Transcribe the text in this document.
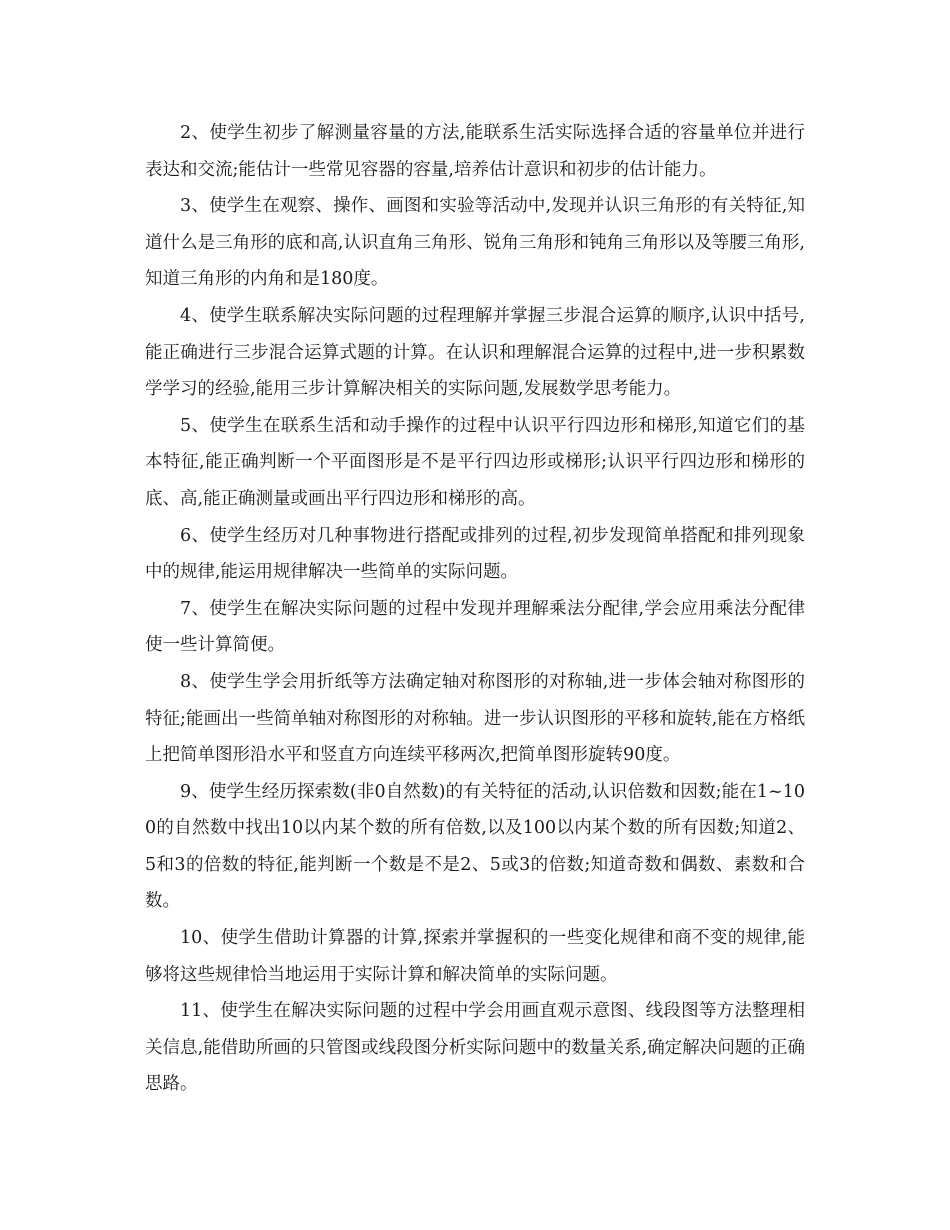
2、使学生初步了解测量容量的方法,能联系生活实际选择合适的容量单位并进行表达和交流;能估计一些常见容器的容量,培养估计意识和初步的估计能力。

3、使学生在观察、操作、画图和实验等活动中,发现并认识三角形的有关特征,知道什么是三角形的底和高,认识直角三角形、锐角三角形和钝角三角形以及等腰三角形,知道三角形的内角和是180度。

4、使学生联系解决实际问题的过程理解并掌握三步混合运算的顺序,认识中括号,能正确进行三步混合运算式题的计算。在认识和理解混合运算的过程中,进一步积累数学学习的经验,能用三步计算解决相关的实际问题,发展数学思考能力。

5、使学生在联系生活和动手操作的过程中认识平行四边形和梯形,知道它们的基本特征,能正确判断一个平面图形是不是平行四边形或梯形;认识平行四边形和梯形的底、高,能正确测量或画出平行四边形和梯形的高。

6、使学生经历对几种事物进行搭配或排列的过程,初步发现简单搭配和排列现象中的规律,能运用规律解决一些简单的实际问题。

7、使学生在解决实际问题的过程中发现并理解乘法分配律,学会应用乘法分配律使一些计算简便。

8、使学生学会用折纸等方法确定轴对称图形的对称轴,进一步体会轴对称图形的特征;能画出一些简单轴对称图形的对称轴。进一步认识图形的平移和旋转,能在方格纸上把简单图形沿水平和竖直方向连续平移两次,把简单图形旋转90度。

9、使学生经历探索数(非0自然数)的有关特征的活动,认识倍数和因数;能在1~100的自然数中找出10以内某个数的所有倍数,以及100以内某个数的所有因数;知道2、5和3的倍数的特征,能判断一个数是不是2、5或3的倍数;知道奇数和偶数、素数和合数。

10、使学生借助计算器的计算,探索并掌握积的一些变化规律和商不变的规律,能够将这些规律恰当地运用于实际计算和解决简单的实际问题。

11、使学生在解决实际问题的过程中学会用画直观示意图、线段图等方法整理相关信息,能借助所画的只管图或线段图分析实际问题中的数量关系,确定解决问题的正确思路。
